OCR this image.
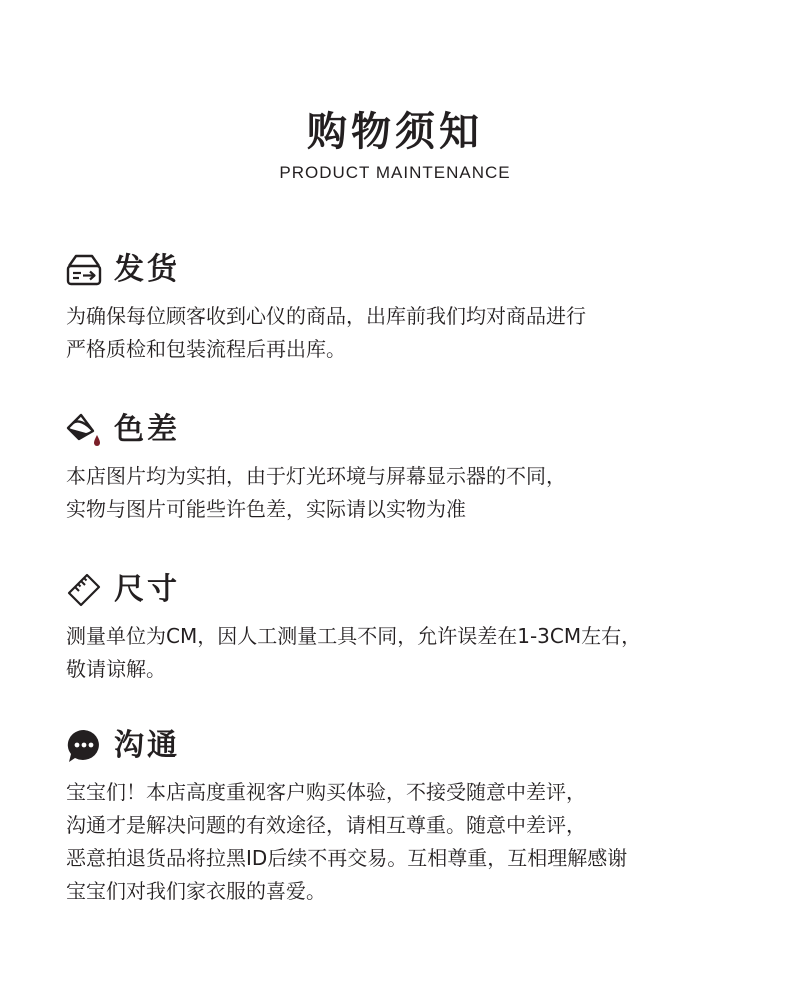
购物须知
PRODUCT MAINTENANCE
发货
为确保每位顾客收到心仪的商品，出库前我们均对商品进行
严格质检和包装流程后再出库。
色差
本店图片均为实拍，由于灯光环境与屏幕显示器的不同，
实物与图片可能些许色差，实际请以实物为准
尺寸
测量单位为CM，因人工测量工具不同，允许误差在1-3CM左右，
敬请谅解。
沟通
宝宝们！本店高度重视客户购买体验，不接受随意中差评，
沟通才是解决问题的有效途径，请相互尊重。随意中差评，
恶意拍退货品将拉黑ID后续不再交易。互相尊重，互相理解感谢
宝宝们对我们家衣服的喜爱。
